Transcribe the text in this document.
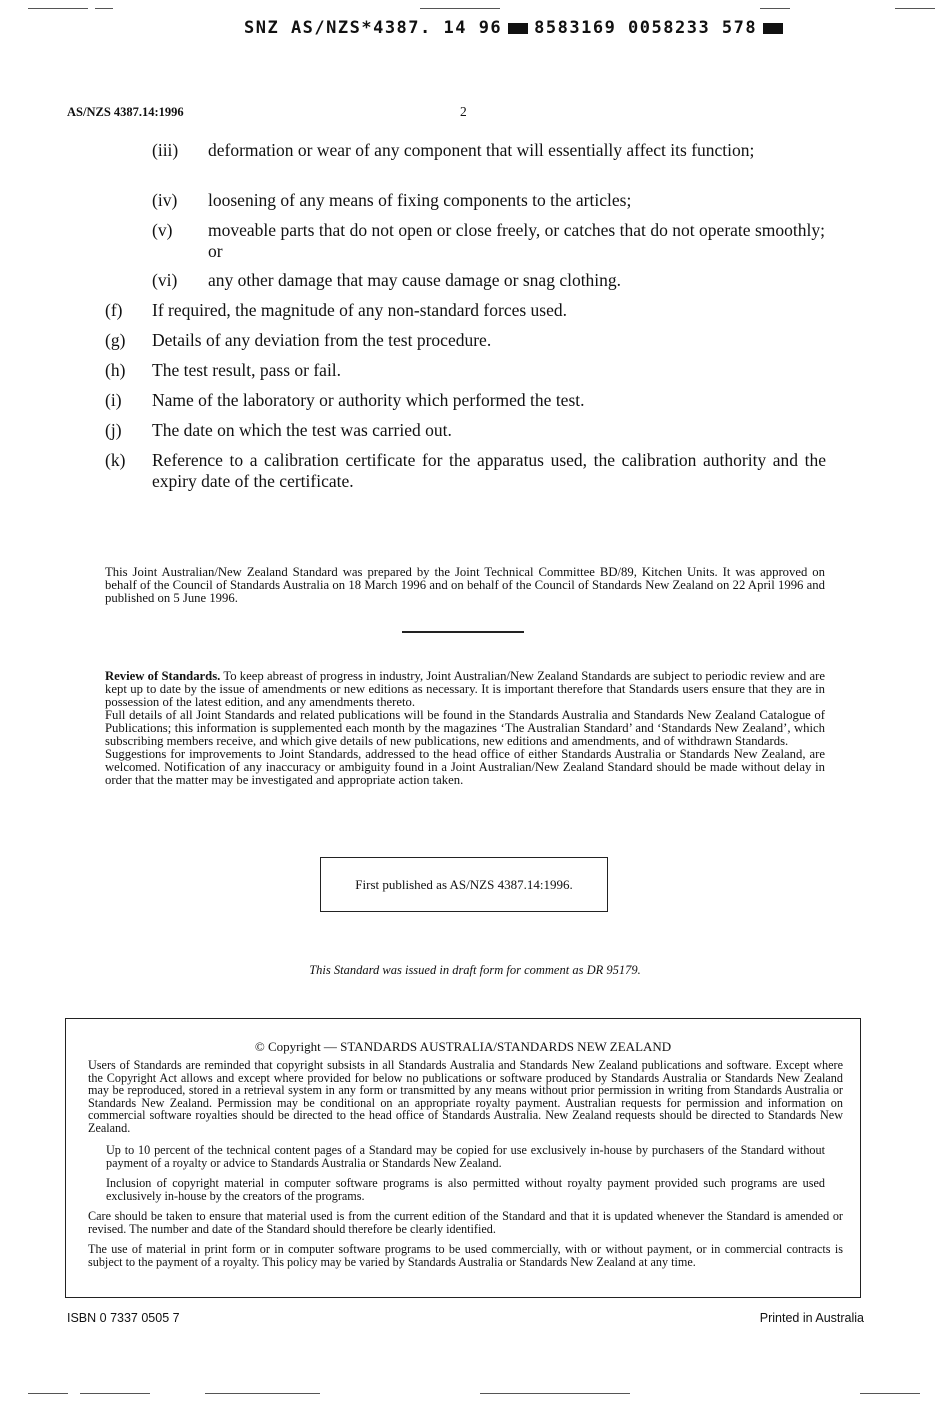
SNZ AS/NZS*4387. 14 96 8583169 0058233 578
AS/NZS 4387.14:1996	2
(iii) deformation or wear of any component that will essentially affect its function;
(iv) loosening of any means of fixing components to the articles;
(v) moveable parts that do not open or close freely, or catches that do not operate smoothly; or
(vi) any other damage that may cause damage or snag clothing.
(f) If required, the magnitude of any non-standard forces used.
(g) Details of any deviation from the test procedure.
(h) The test result, pass or fail.
(i) Name of the laboratory or authority which performed the test.
(j) The date on which the test was carried out.
(k) Reference to a calibration certificate for the apparatus used, the calibration authority and the expiry date of the certificate.
This Joint Australian/New Zealand Standard was prepared by the Joint Technical Committee BD/89, Kitchen Units. It was approved on behalf of the Council of Standards Australia on 18 March 1996 and on behalf of the Council of Standards New Zealand on 22 April 1996 and published on 5 June 1996.
Review of Standards. To keep abreast of progress in industry, Joint Australian/New Zealand Standards are subject to periodic review and are kept up to date by the issue of amendments or new editions as necessary. It is important therefore that Standards users ensure that they are in possession of the latest edition, and any amendments thereto.
Full details of all Joint Standards and related publications will be found in the Standards Australia and Standards New Zealand Catalogue of Publications; this information is supplemented each month by the magazines ‘The Australian Standard’ and ‘Standards New Zealand’, which subscribing members receive, and which give details of new publications, new editions and amendments, and of withdrawn Standards.
Suggestions for improvements to Joint Standards, addressed to the head office of either Standards Australia or Standards New Zealand, are welcomed. Notification of any inaccuracy or ambiguity found in a Joint Australian/New Zealand Standard should be made without delay in order that the matter may be investigated and appropriate action taken.
First published as AS/NZS 4387.14:1996.
This Standard was issued in draft form for comment as DR 95179.
© Copyright — STANDARDS AUSTRALIA/STANDARDS NEW ZEALAND
Users of Standards are reminded that copyright subsists in all Standards Australia and Standards New Zealand publications and software. Except where the Copyright Act allows and except where provided for below no publications or software produced by Standards Australia or Standards New Zealand may be reproduced, stored in a retrieval system in any form or transmitted by any means without prior permission in writing from Standards Australia or Standards New Zealand. Permission may be conditional on an appropriate royalty payment. Australian requests for permission and information on commercial software royalties should be directed to the head office of Standards Australia. New Zealand requests should be directed to Standards New Zealand.
Up to 10 percent of the technical content pages of a Standard may be copied for use exclusively in-house by purchasers of the Standard without payment of a royalty or advice to Standards Australia or Standards New Zealand.
Inclusion of copyright material in computer software programs is also permitted without royalty payment provided such programs are used exclusively in-house by the creators of the programs.
Care should be taken to ensure that material used is from the current edition of the Standard and that it is updated whenever the Standard is amended or revised. The number and date of the Standard should therefore be clearly identified.
The use of material in print form or in computer software programs to be used commercially, with or without payment, or in commercial contracts is subject to the payment of a royalty. This policy may be varied by Standards Australia or Standards New Zealand at any time.
ISBN 0 7337 0505 7	Printed in Australia
